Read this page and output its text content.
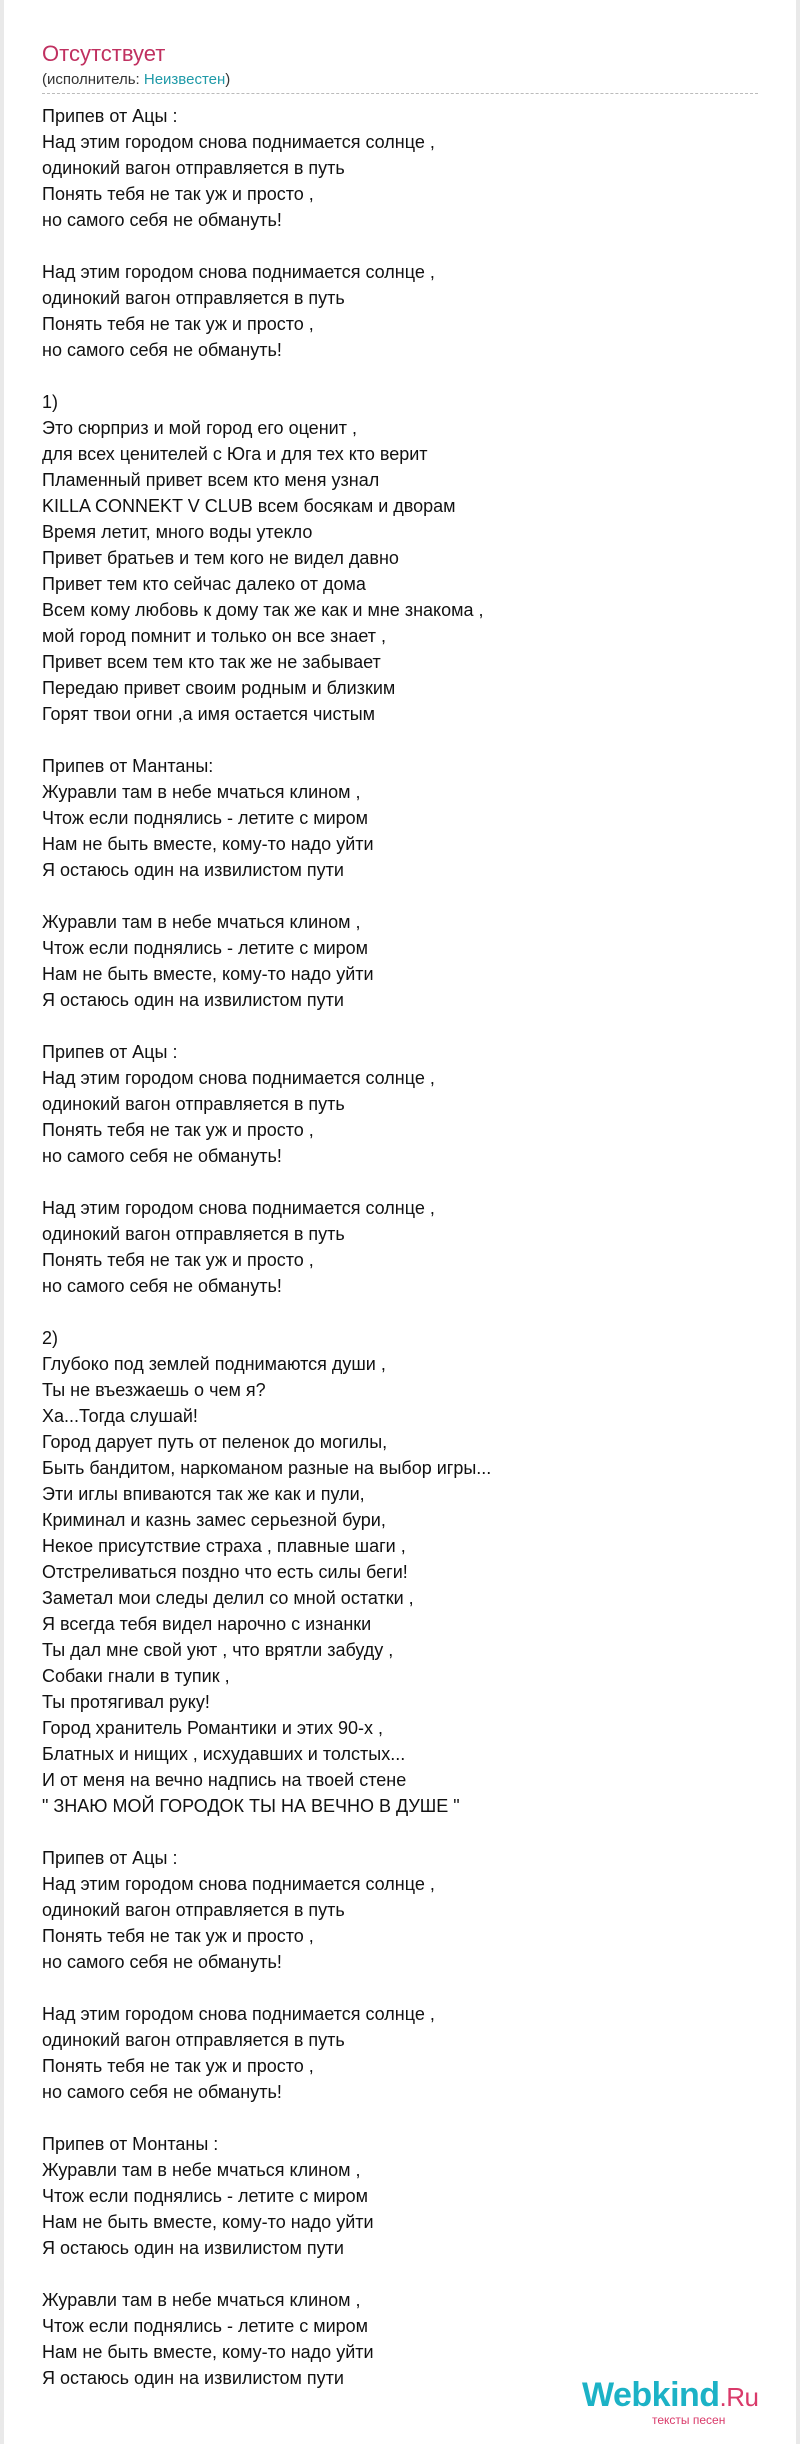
Отсутствует
(исполнитель: Неизвестен)
Припев от Ацы :
Над этим городом снова поднимается солнце ,
одинокий вагон отправляется в путь
Понять тебя не так уж и просто ,
но самого себя не обмануть!
Над этим городом снова поднимается солнце ,
одинокий вагон отправляется в путь
Понять тебя не так уж и просто ,
но самого себя не обмануть!
1)
Это сюрприз и мой город его оценит ,
для всех ценителей с Юга и для тех кто верит
Пламенный привет всем кто меня узнал
KILLA CONNEKT V CLUB всем босякам и дворам
Время летит, много воды утекло
Привет братьев и тем кого не видел давно
Привет тем кто сейчас далеко от дома
Всем кому любовь к дому так же как и мне знакома ,
мой город помнит и только он все знает ,
Привет всем тем кто так же не забывает
Передаю привет своим родным и близким
Горят твои огни ,а имя остается чистым
Припев от Мантаны:
Журавли там в небе мчаться клином ,
Чтож если поднялись - летите с миром
Нам не быть вместе, кому-то надо уйти
Я остаюсь один на извилистом пути
Журавли там в небе мчаться клином ,
Чтож если поднялись - летите с миром
Нам не быть вместе, кому-то надо уйти
Я остаюсь один на извилистом пути
Припев от Ацы :
Над этим городом снова поднимается солнце ,
одинокий вагон отправляется в путь
Понять тебя не так уж и просто ,
но самого себя не обмануть!
Над этим городом снова поднимается солнце ,
одинокий вагон отправляется в путь
Понять тебя не так уж и просто ,
но самого себя не обмануть!
2)
Глубоко под землей поднимаются души ,
Ты не въезжаешь о чем я?
Ха...Тогда слушай!
Город дарует путь от пеленок до могилы,
Быть бандитом, наркоманом разные на выбор игры...
Эти иглы впиваются так же как и пули,
Криминал и казнь замес серьезной бури,
Некое присутствие страха , плавные шаги ,
Отстреливаться поздно что есть силы беги!
Заметал мои следы делил со мной остатки ,
Я всегда тебя видел нарочно с изнанки
Ты дал мне свой уют , что врятли забуду ,
Собаки гнали в тупик ,
Ты протягивал руку!
Город хранитель Романтики и этих 90-х ,
Блатных и нищих , исхудавших и толстых...
И от меня на вечно надпись на твоей стене
" ЗНАЮ МОЙ ГОРОДОК ТЫ НА ВЕЧНО В ДУШЕ "
Припев от Ацы :
Над этим городом снова поднимается солнце ,
одинокий вагон отправляется в путь
Понять тебя не так уж и просто ,
но самого себя не обмануть!
Над этим городом снова поднимается солнце ,
одинокий вагон отправляется в путь
Понять тебя не так уж и просто ,
но самого себя не обмануть!
Припев от Монтаны :
Журавли там в небе мчаться клином ,
Чтож если поднялись - летите с миром
Нам не быть вместе, кому-то надо уйти
Я остаюсь один на извилистом пути
Журавли там в небе мчаться клином ,
Чтож если поднялись - летите с миром
Нам не быть вместе, кому-то надо уйти
Я остаюсь один на извилистом пути	Webkind.Ru
тексты песен
